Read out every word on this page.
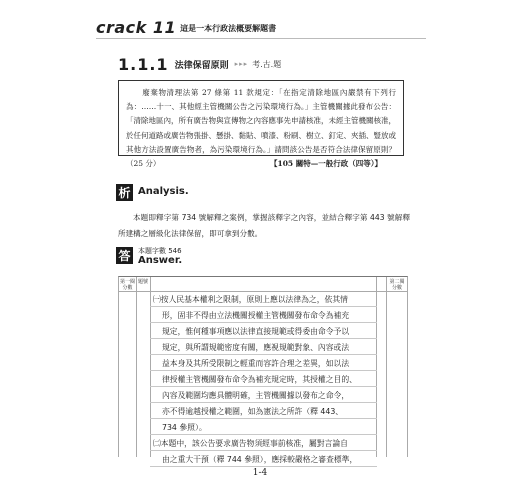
crack 11 這是一本行政法概要解題書
1.1.1 法律保留原則 ▸▸▸ 考.古.題
　　廢棄物清理法第 27 條第 11 款規定：「在指定清除地區內嚴禁有下列行為：……十一、其他經主管機關公告之污染環境行為。」主管機關據此發布公告：「清除地區內，所有廣告物與宣傳物之內容應事先申請核准，未經主管機關核准，於任何道路或廣告物張掛、懸掛、黏貼、噴漆、粉刷、樹立、釘定、夾插、豎放或其他方法設置廣告物者，為污染環境行為。」請問該公告是否符合法律保留原則？（25 分）	【105 關特—一般行政（四等）】
析 Analysis.
本題即釋字第 734 號解釋之案例，掌握該釋字之內容，並結合釋字第 443 號解釋所建構之層級化法律保留，即可拿到分數。
答	本題字數 546
Answer.
第一閱分數
題號	第二閱分數
㈠按人民基本權利之限制，原則上應以法律為之，依其情
形，固非不得由立法機關授權主管機關發布命令為補充
規定，惟何種事項應以法律直接規範或得委由命令予以
規定，與所謂規範密度有關，應視規範對象、內容或法
益本身及其所受限制之輕重而容許合理之差異，如以法
律授權主管機關發布命令為補充規定時，其授權之目的、
內容及範圍均應具體明確，主管機關據以發布之命令，
亦不得逾越授權之範圍，如為憲法之所許（釋 443、
734 參照）。
㈡本題中，該公告要求廣告物須經事前核准，屬對言論自
由之重大干預（釋 744 參照），應採較嚴格之審查標準，
1-4
